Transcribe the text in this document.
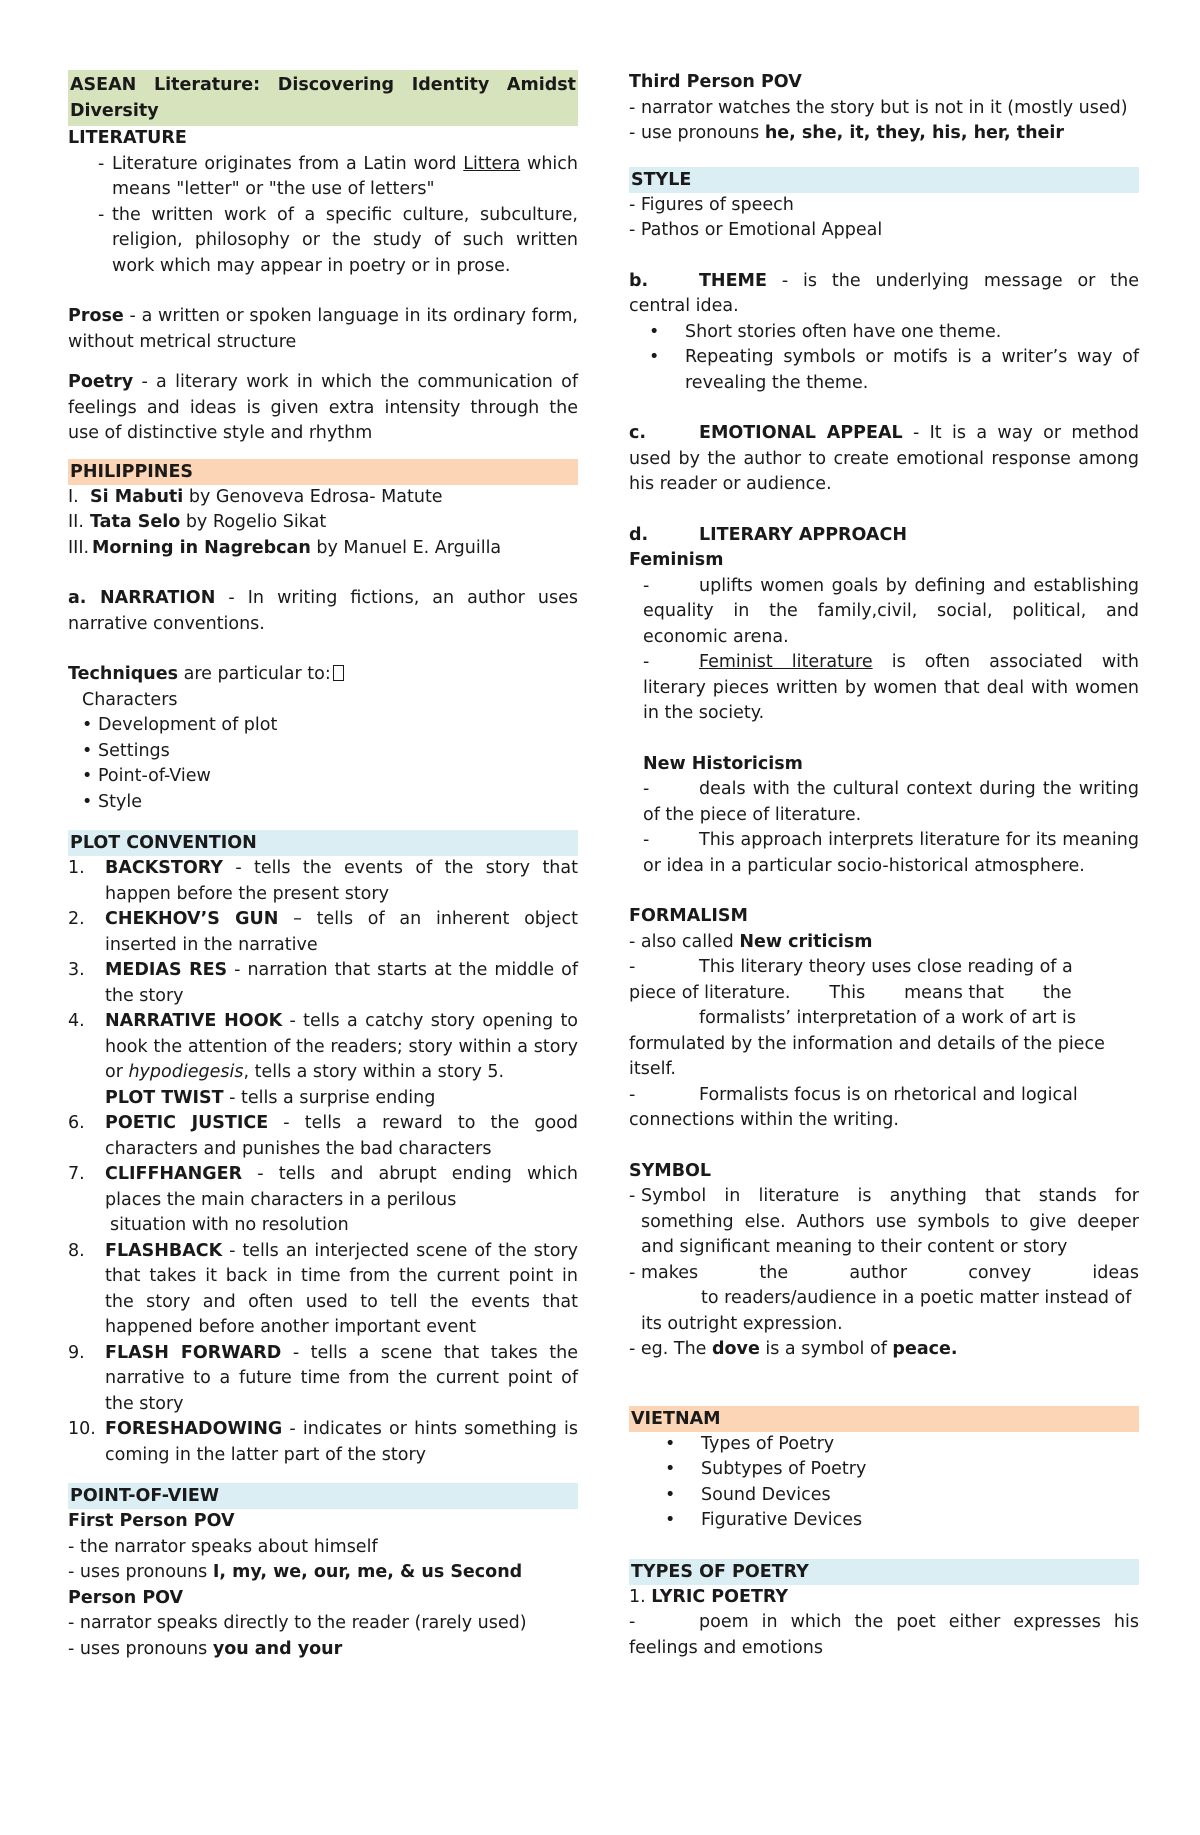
ASEAN Literature: Discovering Identity Amidst Diversity

LITERATURE

- Literature originates from a Latin word Littera which means "letter" or "the use of letters"
- the written work of a specific culture, subculture, religion, philosophy or the study of such written work which may appear in poetry or in prose.

Prose - a written or spoken language in its ordinary form, without metrical structure

Poetry - a literary work in which the communication of feelings and ideas is given extra intensity through the use of distinctive style and rhythm

PHILIPPINES
I. Si Mabuti by Genoveva Edrosa- Matute
II. Tata Selo by Rogelio Sikat
III. Morning in Nagrebcan by Manuel E. Arguilla

a. NARRATION - In writing fictions, an author uses narrative conventions.

Techniques are particular to:

Characters

• Development of plot
• Settings
• Point-of-View
• Style
PLOT CONVENTION
1.	BACKSTORY - tells the events of the story that happen before the present story
2.	CHEKHOV’S GUN – tells of an inherent object inserted in the narrative
3.	MEDIAS RES - narration that starts at the middle of the story
4.	NARRATIVE HOOK - tells a catchy story opening to hook the attention of the readers; story within a story or hypodiegesis, tells a story within a story 5.
PLOT TWIST - tells a surprise ending
6.	POETIC JUSTICE - tells a reward to the good characters and punishes the bad characters
7.	CLIFFHANGER - tells and abrupt ending which places the main characters in a perilous
situation with no resolution
8.	FLASHBACK - tells an interjected scene of the story that takes it back in time from the current point in the story and often used to tell the events that happened before another important event
9.	FLASH FORWARD - tells a scene that takes the narrative to a future time from the current point of the story
10. FORESHADOWING - indicates or hints something is coming in the latter part of the story
POINT-OF-VIEW

First Person POV

- the narrator speaks about himself

- uses pronouns I, my, we, our, me, & us Second

Person POV

- narrator speaks directly to the reader (rarely used)

- uses pronouns you and your

Third Person POV

- narrator watches the story but is not in it (mostly used)
- use pronouns he, she, it, they, his, her, their
STYLE

- Figures of speech

- Pathos or Emotional Appeal

b.	THEME - is the underlying message or the central idea.

•	Short stories often have one theme.
•	Repeating symbols or motifs is a writer’s way of revealing the theme.

c.	EMOTIONAL APPEAL - It is a way or method used by the author to create emotional response among his reader or audience.

d.	LITERARY APPROACH

Feminism

-	uplifts women goals by defining and establishing equality in the family,civil, social, political, and economic arena.

-	Feminist literature is often associated with literary pieces written by women that deal with women in the society.

New Historicism

-	deals with the cultural context during the writing of the piece of literature.

-	This approach interprets literature for its meaning or idea in a particular socio-historical atmosphere.

FORMALISM

- also called New criticism

-	This literary theory uses close reading of a

piece of literature.       This       means that       the

formalists’ interpretation of a work of art is

formulated by the information and details of the piece itself.

-	Formalists focus is on rhetorical and logical connections within the writing.

SYMBOL

- Symbol in literature is anything that stands for something else. Authors use symbols to give deeper and significant meaning to their content or story
- makes the author convey ideas
to readers/audience in a poetic matter instead of its outright expression.

- eg. The dove is a symbol of peace.

VIETNAM
•	Types of Poetry
•	Subtypes of Poetry
•	Sound Devices
•	Figurative Devices
TYPES OF POETRY

1. LYRIC POETRY

-	poem in which the poet either expresses his feelings and emotions
